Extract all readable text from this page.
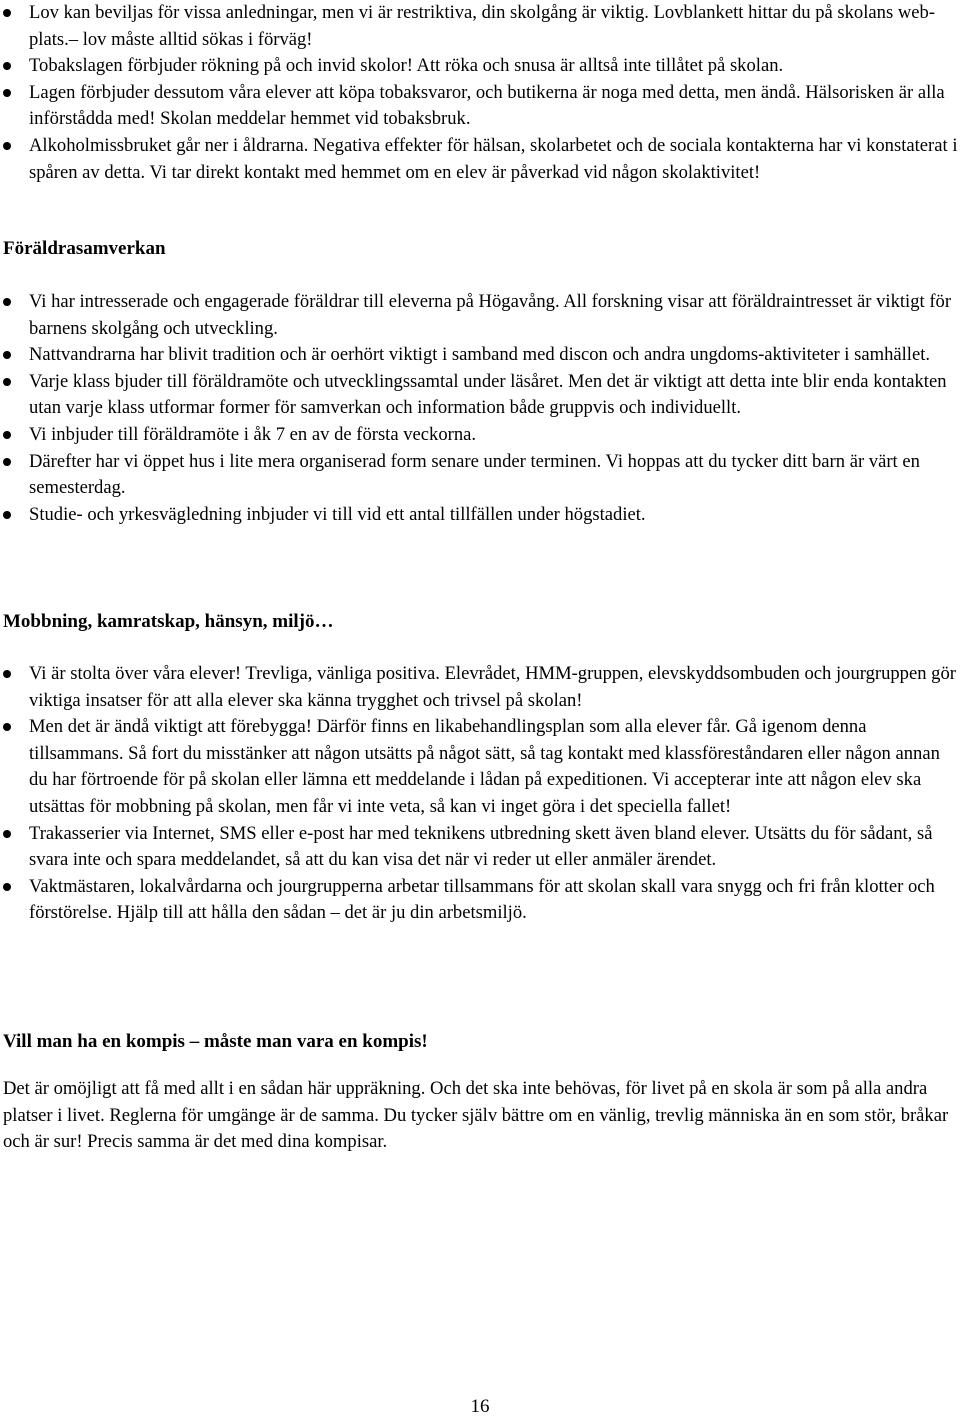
Lov kan beviljas för vissa anledningar, men vi är restriktiva, din skolgång är viktig. Lovblankett hittar du på skolans web-plats.– lov måste alltid sökas i förväg!
Tobakslagen förbjuder rökning på och invid skolor! Att röka och snusa är alltså inte tillåtet på skolan.
Lagen förbjuder dessutom våra elever att köpa tobaksvaror, och butikerna är noga med detta, men ändå. Hälsorisken är alla införstådda med! Skolan meddelar hemmet vid tobaksbruk.
Alkoholmissbruket går ner i åldrarna. Negativa effekter för hälsan, skolarbetet och de sociala kontakterna har vi konstaterat i spåren av detta. Vi tar direkt kontakt med hemmet om en elev är påverkad vid någon skolaktivitet!
Föräldrasamverkan
Vi har intresserade och engagerade föräldrar till eleverna på Högavång. All forskning visar att föräldraintresset är viktigt för barnens skolgång och utveckling.
Nattvandrarna har blivit tradition och är oerhört viktigt i samband med discon och andra ungdoms-aktiviteter i samhället.
Varje klass bjuder till föräldramöte och utvecklingssamtal under läsåret. Men det är viktigt att detta inte blir enda kontakten utan varje klass utformar former för samverkan och information både gruppvis och individuellt.
Vi inbjuder till föräldramöte i åk 7 en av de första veckorna.
Därefter har vi öppet hus i lite mera organiserad form senare under terminen. Vi hoppas att du tycker ditt barn är värt en semesterdag.
Studie- och yrkesvägledning inbjuder vi till vid ett antal tillfällen under högstadiet.
Mobbning, kamratskap, hänsyn, miljö…
Vi är stolta över våra elever! Trevliga, vänliga positiva. Elevrådet, HMM-gruppen, elevskyddsombuden och jourgruppen gör viktiga insatser för att alla elever ska känna trygghet och trivsel på skolan!
Men det är ändå viktigt att förebygga! Därför finns en likabehandlingsplan som alla elever får. Gå igenom denna tillsammans. Så fort du misstänker att någon utsätts på något sätt, så tag kontakt med klassföreståndaren eller någon annan du har förtroende för på skolan eller lämna ett meddelande i lådan på expeditionen. Vi accepterar inte att någon elev ska utsättas för mobbning på skolan, men får vi inte veta, så kan vi inget göra i det speciella fallet!
Trakasserier via Internet, SMS eller e-post har med teknikens utbredning skett även bland elever. Utsätts du för sådant, så svara inte och spara meddelandet, så att du kan visa det när vi reder ut eller anmäler ärendet.
Vaktmästaren, lokalvårdarna och jourgrupperna arbetar tillsammans för att skolan skall vara snygg och fri från klotter och förstörelse. Hjälp till att hålla den sådan – det är ju din arbetsmiljö.
Vill man ha en kompis – måste man vara en kompis!
Det är omöjligt att få med allt i en sådan här uppräkning. Och det ska inte behövas, för livet på en skola är som på alla andra platser i livet. Reglerna för umgänge är de samma. Du tycker själv bättre om en vänlig, trevlig människa än en som stör, bråkar och är sur! Precis samma är det med dina kompisar.
16
